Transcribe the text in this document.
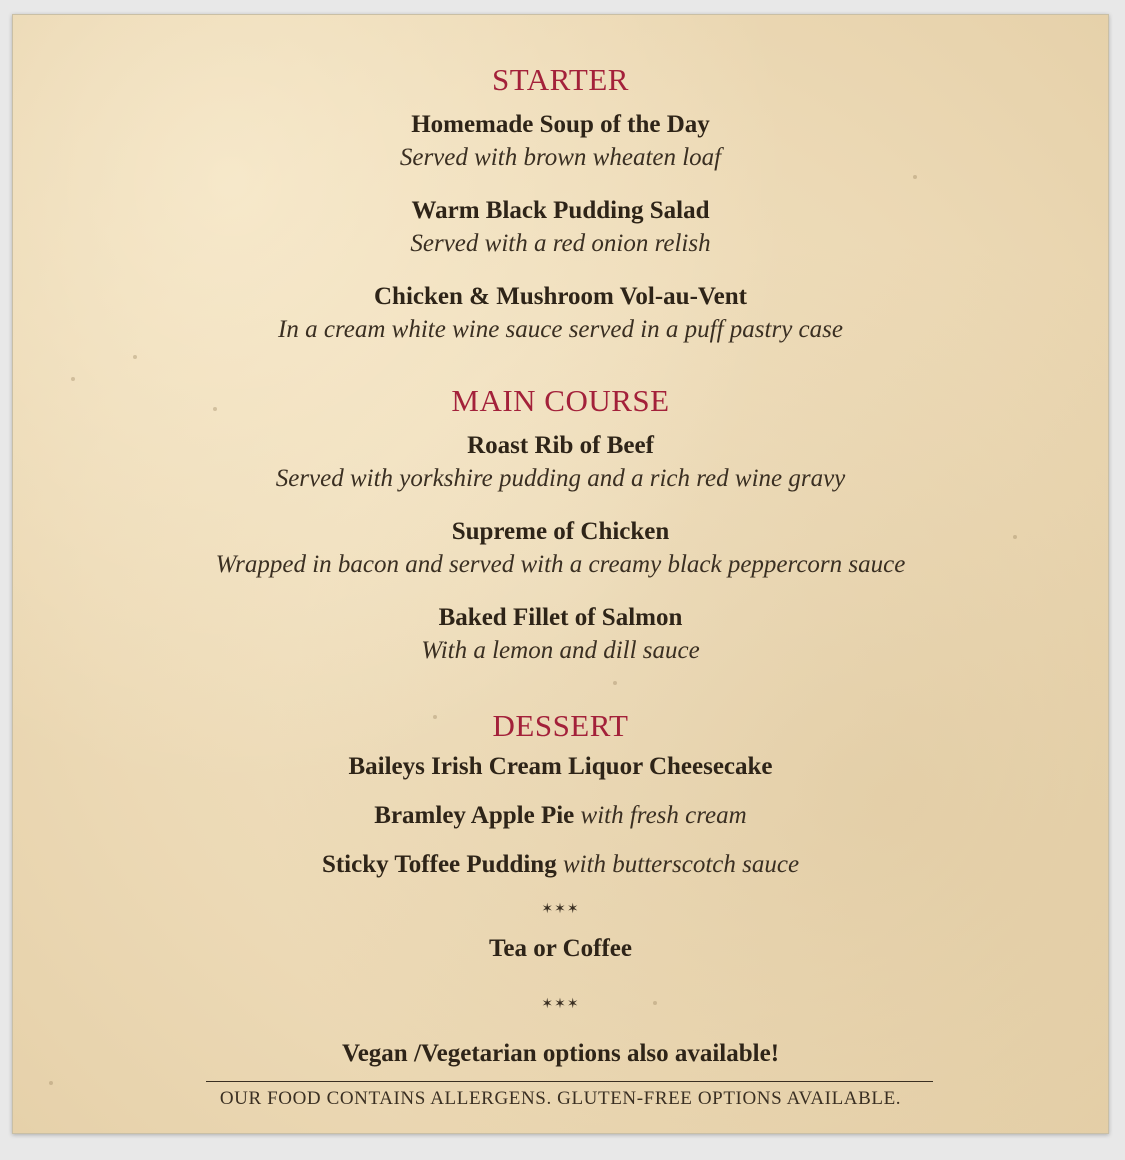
STARTER
Homemade Soup of the Day
Served with brown wheaten loaf
Warm Black Pudding Salad
Served with a red onion relish
Chicken & Mushroom Vol-au-Vent
In a cream white wine sauce served in a puff pastry case
MAIN COURSE
Roast Rib of Beef
Served with yorkshire pudding and a rich red wine gravy
Supreme of Chicken
Wrapped in bacon and served with a creamy black peppercorn sauce
Baked Fillet of Salmon
With a lemon and dill sauce
DESSERT
Baileys Irish Cream Liquor Cheesecake
Bramley Apple Pie with fresh cream
Sticky Toffee Pudding with butterscotch sauce
✶✶✶
Tea or Coffee
✶✶✶
Vegan /Vegetarian options also available!
OUR FOOD CONTAINS ALLERGENS. GLUTEN-FREE OPTIONS AVAILABLE.
